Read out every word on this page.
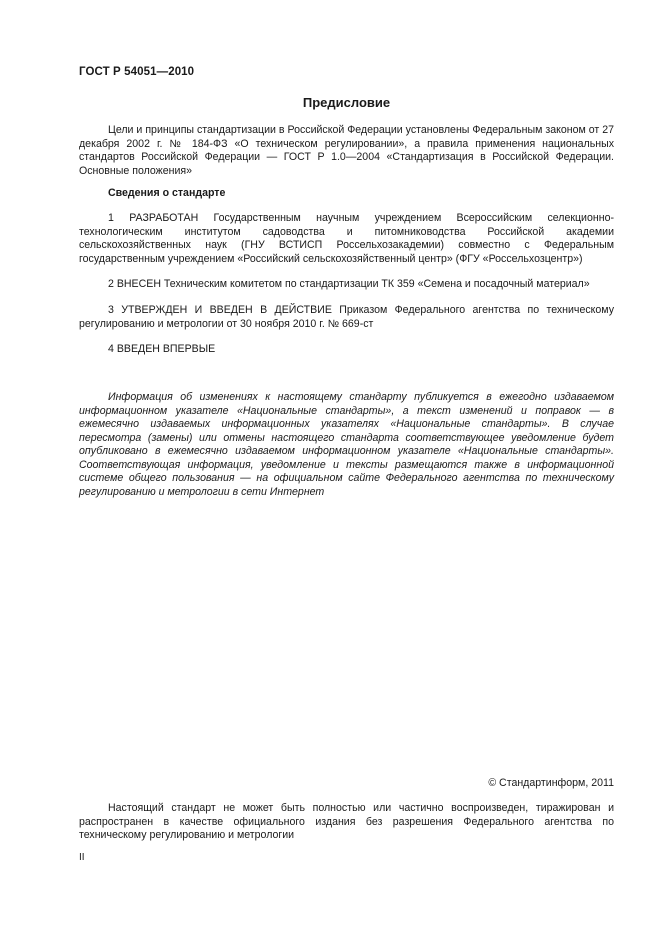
ГОСТ Р 54051—2010
Предисловие
Цели и принципы стандартизации в Российской Федерации установлены Федеральным законом от 27 декабря 2002 г. № 184-ФЗ «О техническом регулировании», а правила применения национальных стандартов Российской Федерации — ГОСТ Р 1.0—2004 «Стандартизация в Российской Федерации. Основные положения»
Сведения о стандарте
1 РАЗРАБОТАН Государственным научным учреждением Всероссийским селекционно-технологическим институтом садоводства и питомниководства Российской академии сельскохозяйственных наук (ГНУ ВСТИСП Россельхозакадемии) совместно с Федеральным государственным учреждением «Российский сельскохозяйственный центр» (ФГУ «Россельхозцентр»)
2 ВНЕСЕН Техническим комитетом по стандартизации ТК 359 «Семена и посадочный материал»
3 УТВЕРЖДЕН И ВВЕДЕН В ДЕЙСТВИЕ Приказом Федерального агентства по техническому регулированию и метрологии от 30 ноября 2010 г. № 669-ст
4 ВВЕДЕН ВПЕРВЫЕ
Информация об изменениях к настоящему стандарту публикуется в ежегодно издаваемом информационном указателе «Национальные стандарты», а текст изменений и поправок — в ежемесячно издаваемых информационных указателях «Национальные стандарты». В случае пересмотра (замены) или отмены настоящего стандарта соответствующее уведомление будет опубликовано в ежемесячно издаваемом информационном указателе «Национальные стандарты». Соответствующая информация, уведомление и тексты размещаются также в информационной системе общего пользования — на официальном сайте Федерального агентства по техническому регулированию и метрологии в сети Интернет
© Стандартинформ, 2011
Настоящий стандарт не может быть полностью или частично воспроизведен, тиражирован и распространен в качестве официального издания без разрешения Федерального агентства по техническому регулированию и метрологии
II
